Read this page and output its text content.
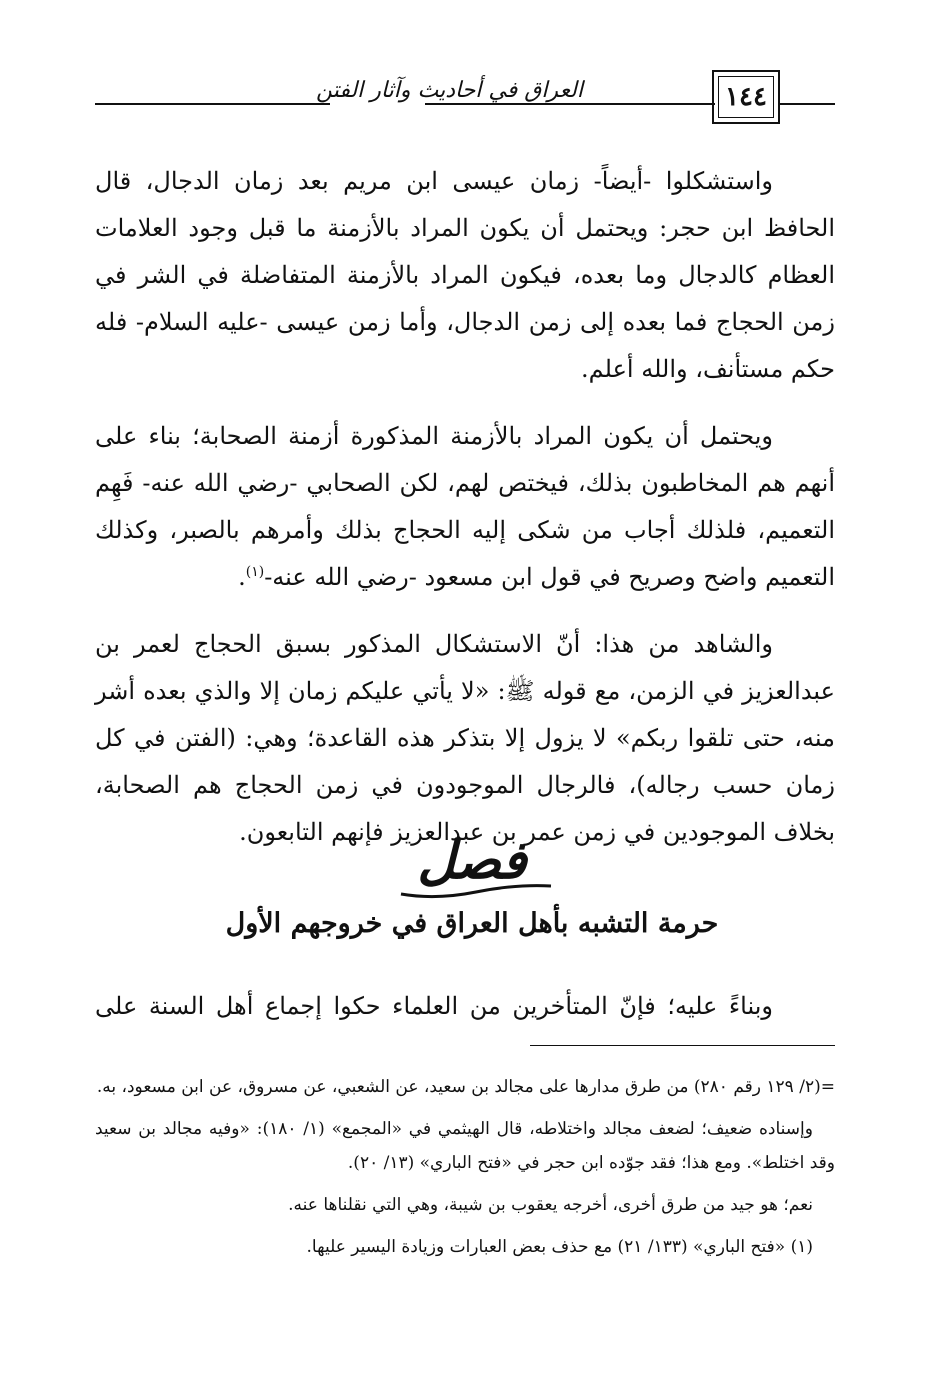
العراق في أحاديث وآثار الفتن	١٤٤

واستشكلوا -أيضاً- زمان عيسى ابن مريم بعد زمان الدجال، قال الحافظ ابن حجر: ويحتمل أن يكون المراد بالأزمنة ما قبل وجود العلامات العظام كالدجال وما بعده، فيكون المراد بالأزمنة المتفاضلة في الشر في زمن الحجاج فما بعده إلى زمن الدجال، وأما زمن عيسى -عليه السلام- فله حكم مستأنف، والله أعلم.

ويحتمل أن يكون المراد بالأزمنة المذكورة أزمنة الصحابة؛ بناء على أنهم هم المخاطبون بذلك، فيختص لهم، لكن الصحابي -رضي الله عنه- فَهِم التعميم، فلذلك أجاب من شكى إليه الحجاج بذلك وأمرهم بالصبر، وكذلك التعميم واضح وصريح في قول ابن مسعود -رضي الله عنه-$^{(١)}$.

والشاهد من هذا: أنّ الاستشكال المذكور بسبق الحجاج لعمر بن عبدالعزيز في الزمن، مع قوله ﷺ: «لا يأتي عليكم زمان إلا والذي بعده أشر منه، حتى تلقوا ربكم» لا يزول إلا بتذكر هذه القاعدة؛ وهي: (الفتن في كل زمان حسب رجاله)، فالرجال الموجودون في زمن الحجاج هم الصحابة، بخلاف الموجودين في زمن عمر بن عبدالعزيز فإنهم التابعون.

فصل
حرمة التشبه بأهل العراق في خروجهم الأول
وبناءً عليه؛ فإنّ المتأخرين من العلماء حكوا إجماع أهل السنة على

=(٢/ ١٢٩ رقم ٢٨٠) من طرق مدارها على مجالد بن سعيد، عن الشعبي، عن مسروق، عن ابن مسعود، به.

وإسناده ضعيف؛ لضعف مجالد واختلاطه، قال الهيثمي في «المجمع» (١/ ١٨٠): «وفيه مجالد بن سعيد وقد اختلط». ومع هذا؛ فقد جوّده ابن حجر في «فتح الباري» (١٣/ ٢٠).

نعم؛ هو جيد من طرق أخرى، أخرجه يعقوب بن شيبة، وهي التي نقلناها عنه.

(١) «فتح الباري» (١٣٣/ ٢١) مع حذف بعض العبارات وزيادة اليسير عليها.
